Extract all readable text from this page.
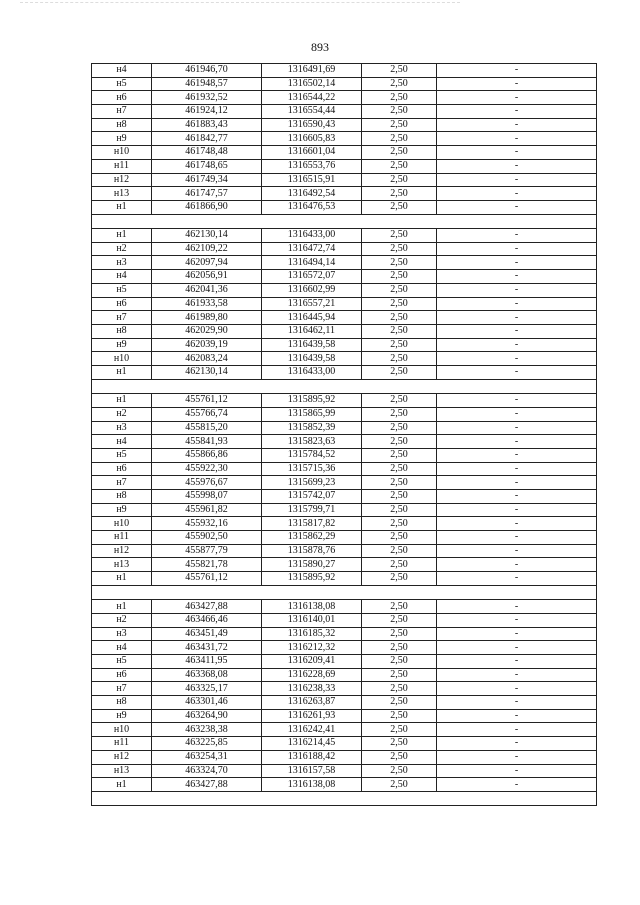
893
н4	461946,70	1316491,69	2,50	-
н5	461948,57	1316502,14	2,50	-
н6	461932,52	1316544,22	2,50	-
н7	461924,12	1316554,44	2,50	-
н8	461883,43	1316590,43	2,50	-
н9	461842,77	1316605,83	2,50	-
н10	461748,48	1316601,04	2,50	-
н11	461748,65	1316553,76	2,50	-
н12	461749,34	1316515,91	2,50	-
н13	461747,57	1316492,54	2,50	-
н1	461866,90	1316476,53	2,50	-

н1	462130,14	1316433,00	2,50	-
н2	462109,22	1316472,74	2,50	-
н3	462097,94	1316494,14	2,50	-
н4	462056,91	1316572,07	2,50	-
н5	462041,36	1316602,99	2,50	-
н6	461933,58	1316557,21	2,50	-
н7	461989,80	1316445,94	2,50	-
н8	462029,90	1316462,11	2,50	-
н9	462039,19	1316439,58	2,50	-
н10	462083,24	1316439,58	2,50	-
н1	462130,14	1316433,00	2,50	-

н1	455761,12	1315895,92	2,50	-
н2	455766,74	1315865,99	2,50	-
н3	455815,20	1315852,39	2,50	-
н4	455841,93	1315823,63	2,50	-
н5	455866,86	1315784,52	2,50	-
н6	455922,30	1315715,36	2,50	-
н7	455976,67	1315699,23	2,50	-
н8	455998,07	1315742,07	2,50	-
н9	455961,82	1315799,71	2,50	-
н10	455932,16	1315817,82	2,50	-
н11	455902,50	1315862,29	2,50	-
н12	455877,79	1315878,76	2,50	-
н13	455821,78	1315890,27	2,50	-
н1	455761,12	1315895,92	2,50	-

н1	463427,88	1316138,08	2,50	-
н2	463466,46	1316140,01	2,50	-
н3	463451,49	1316185,32	2,50	-
н4	463431,72	1316212,32	2,50	-
н5	463411,95	1316209,41	2,50	-
н6	463368,08	1316228,69	2,50	-
н7	463325,17	1316238,33	2,50	-
н8	463301,46	1316263,87	2,50	-
н9	463264,90	1316261,93	2,50	-
н10	463238,38	1316242,41	2,50	-
н11	463225,85	1316214,45	2,50	-
н12	463254,31	1316188,42	2,50	-
н13	463324,70	1316157,58	2,50	-
н1	463427,88	1316138,08	2,50	-
